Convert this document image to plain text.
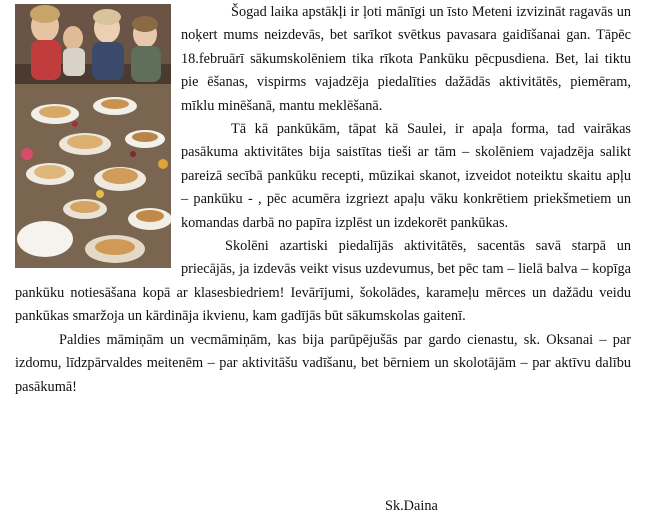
Šogad laika apstākļi ir ļoti mānīgi un īsto Meteni izvizināt ragavās un noķert mums neizdevās, bet sarīkot svētkus pavasara gaidīšanai gan. Tāpēc 18.februārī sākumskolēniem tika rīkota Pankūku pēcpusdiena. Bet, lai tiktu pie ēšanas, vispirms vajadzēja piedalīties dažādās aktivitātēs, piemēram, mīklu minēšanā, mantu meklēšanā.

Tā kā pankūkām, tāpat kā Saulei, ir apaļa forma, tad vairākas pasākuma aktivitātes bija saistītas tieši ar tām – skolēniem vajadzēja salikt pareizā secībā pankūku recepti, mūzikai skanot, izveidot noteiktu skaitu apļu – pankūku - , pēc acumēra izgriezt apaļu vāku konkrētiem priekšmetiem un komandas darbā no papīra izplēst un izdekorēt pankūkas.

Skolēni azartiski piedalījās aktivitātēs, sacentās savā starpā un priecājās, ja izdevās veikt visus uzdevumus, bet pēc tam – lielā balva – kopīga pankūku notiesāšana kopā ar klasesbiedriem! Ievārījumi, šokolādes, karameļu mērces un dažādu veidu pankūkas smaržoja un kārdināja ikvienu, kam gadījās būt sākumskolas gaitenī.

Paldies māmiņām un vecmāmiņām, kas bija parūpējušās par gardo cienastu, sk. Oksanai – par izdomu, līdzpārvaldes meitenēm – par aktivitāšu vadīšanu, bet bērniem un skolotājām – par aktīvu dalību pasākumā!

Sk.Daina
